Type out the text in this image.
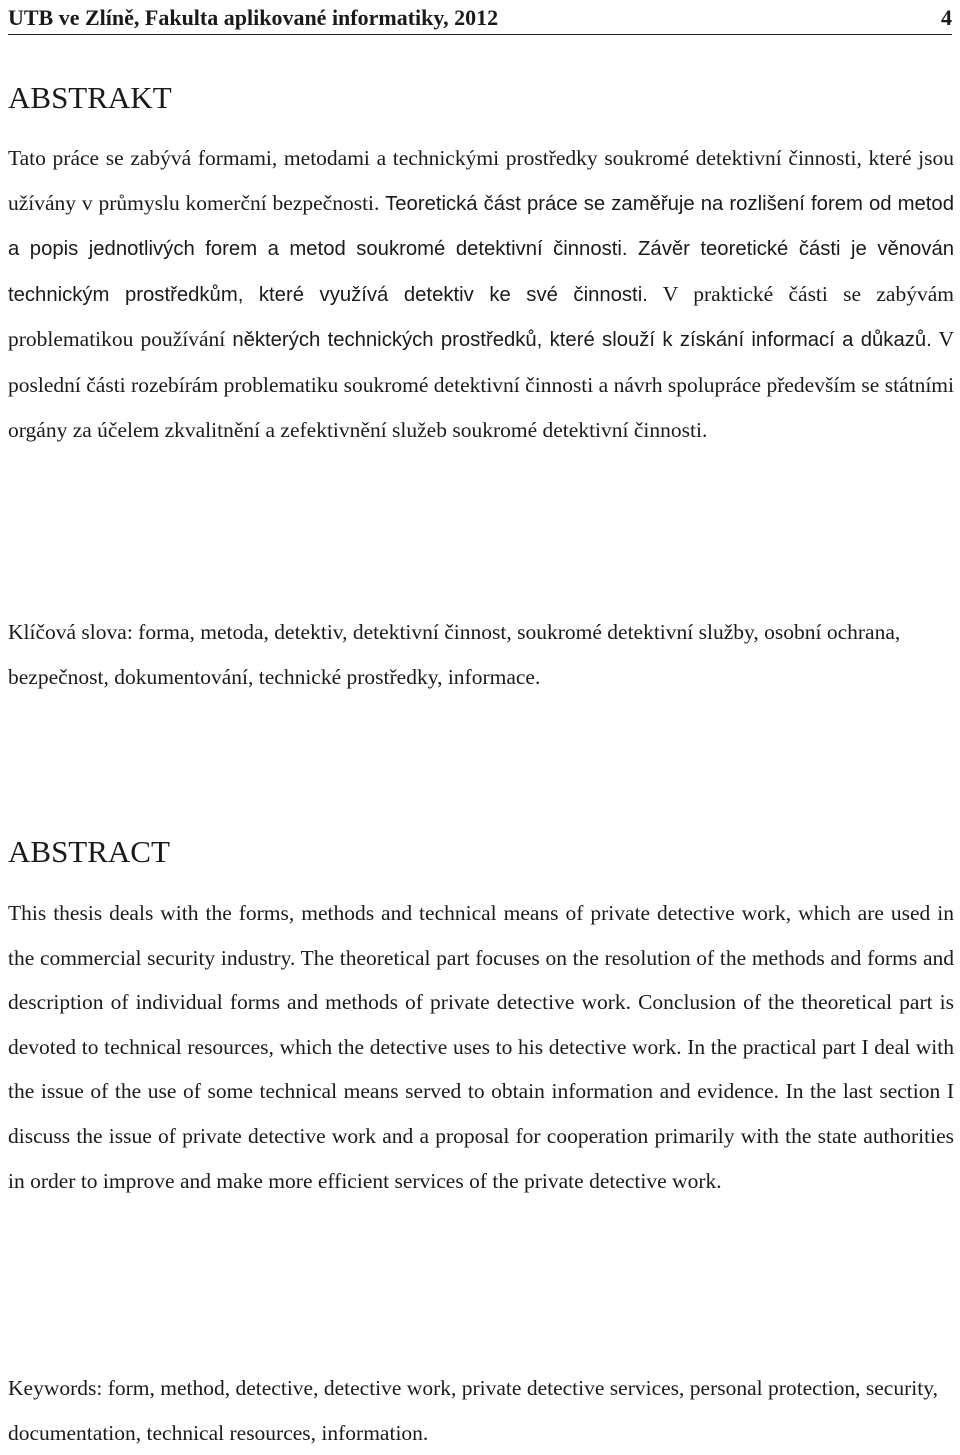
UTB ve Zlíně, Fakulta aplikované informatiky, 2012	4
ABSTRAKT

Tato práce se zabývá formami, metodami a technickými prostředky soukromé detektivní činnosti, které jsou užívány v průmyslu komerční bezpečnosti. Teoretická část práce se zaměřuje na rozlišení forem od metod a popis jednotlivých forem a metod soukromé detektivní činnosti. Závěr teoretické části je věnován technickým prostředkům, které využívá detektiv ke své činnosti. V praktické části se zabývám problematikou používání některých technických prostředků, které slouží k získání informací a důkazů. V poslední části rozebírám problematiku soukromé detektivní činnosti a návrh spolupráce především se státními orgány za účelem zkvalitnění a zefektivnění služeb soukromé detektivní činnosti.

Klíčová slova: forma, metoda, detektiv, detektivní činnost, soukromé detektivní služby, osobní ochrana, bezpečnost, dokumentování, technické prostředky, informace.

ABSTRACT

This thesis deals with the forms, methods and technical means of private detective work, which are used in the commercial security industry. The theoretical part focuses on the resolution of the methods and forms and description of individual forms and methods of private detective work. Conclusion of the theoretical part is devoted to technical resources, which the detective uses to his detective work. In the practical part I deal with the issue of the use of some technical means served to obtain information and evidence. In the last section I discuss the issue of private detective work and a proposal for cooperation primarily with the state authorities in order to improve and make more efficient services of the private detective work.

Keywords: form, method, detective, detective work, private detective services, personal protection, security, documentation, technical resources, information.
